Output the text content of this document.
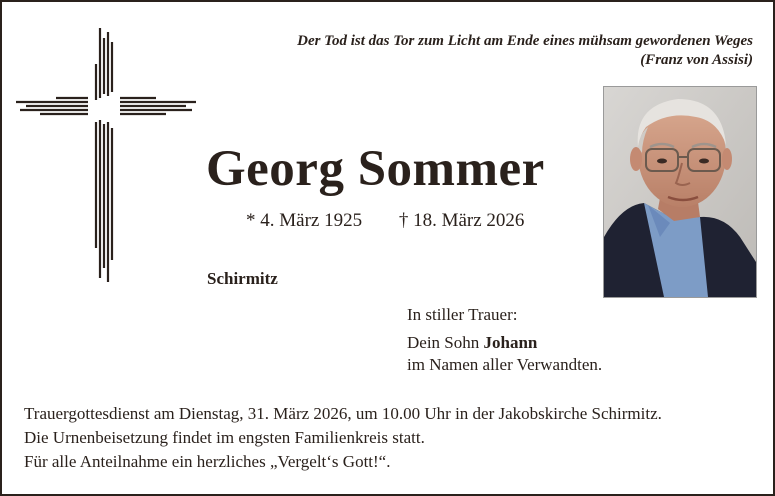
Der Tod ist das Tor zum Licht am Ende eines mühsam gewordenen Weges
(Franz von Assisi)
Georg Sommer
* 4. März 1925 † 18. März 2026
Schirmitz
In stiller Trauer:
Dein Sohn Johann
im Namen aller Verwandten.
Trauergottesdienst am Dienstag, 31. März 2026, um 10.00 Uhr in der Jakobskirche Schirmitz.
Die Urnenbeisetzung findet im engsten Familienkreis statt.
Für alle Anteilnahme ein herzliches „Vergelt‘s Gott!“.
